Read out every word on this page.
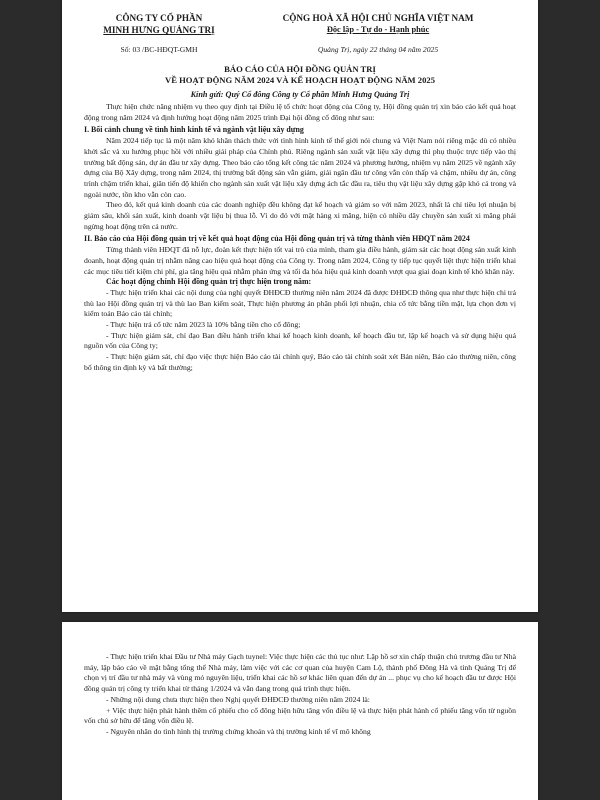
CÔNG TY CỔ PHẦN
MINH HƯNG QUẢNG TRỊ
Số: 03 /BC-HĐQT-GMH
CỘNG HOÀ XÃ HỘI CHỦ NGHĨA VIỆT NAM
Độc lập - Tự do - Hạnh phúc
Quảng Trị, ngày 22 tháng 04 năm 2025
BÁO CÁO CỦA HỘI ĐỒNG QUẢN TRỊ
VỀ HOẠT ĐỘNG NĂM 2024 VÀ KẾ HOẠCH HOẠT ĐỘNG NĂM 2025
Kính gửi: Quý Cổ đông Công ty Cổ phần Minh Hưng Quảng Trị

Thực hiện chức năng nhiệm vụ theo quy định tại Điều lệ tổ chức hoạt động của Công ty, Hội đồng quản trị xin báo cáo kết quả hoạt động trong năm 2024 và định hướng hoạt động năm 2025 trình Đại hội đồng cổ đông như sau:

I. Bối cảnh chung về tình hình kinh tế và ngành vật liệu xây dựng

Năm 2024 tiếp tục là một năm khó khăn thách thức với tình hình kinh tế thế giới nói chung và Việt Nam nói riêng mặc dù có nhiều khởi sắc và xu hướng phục hồi với nhiều giải pháp của Chính phủ. Riêng ngành sản xuất vật liệu xây dựng thì phụ thuộc trực tiếp vào thị trường bất động sản, dự án đầu tư xây dựng. Theo báo cáo tổng kết công tác năm 2024 và phương hướng, nhiệm vụ năm 2025 về ngành xây dựng của Bộ Xây dựng, trong năm 2024, thị trường bất động sản vẫn giảm, giải ngân đầu tư công vẫn còn thấp và chậm, nhiều dự án, công trình chậm triển khai, giãn tiến độ khiến cho ngành sản xuất vật liệu xây dựng ách tắc đầu ra, tiêu thụ vật liệu xây dựng gặp khó cả trong và ngoài nước, tồn kho vẫn còn cao.

Theo đó, kết quả kinh doanh của các doanh nghiệp đều không đạt kế hoạch và giảm so với năm 2023, nhất là chỉ tiêu lợi nhuận bị giảm sâu, khối sản xuất, kinh doanh vật liệu bị thua lỗ. Vì do đó với mặt hàng xi măng, hiện có nhiều dây chuyền sản xuất xi măng phải ngừng hoạt động trên cả nước.

II. Báo cáo của Hội đồng quản trị về kết quả hoạt động của Hội đồng quản trị và từng thành viên HĐQT năm 2024

Từng thành viên HĐQT đã nỗ lực, đoàn kết thực hiện tốt vai trò của mình, tham gia điều hành, giám sát các hoạt động sản xuất kinh doanh, hoạt động quản trị nhằm nâng cao hiệu quả hoạt động của Công ty. Trong năm 2024, Công ty tiếp tục quyết liệt thực hiện triển khai các mục tiêu tiết kiệm chi phí, gia tăng hiệu quả nhằm phản ứng và tối đa hóa hiệu quả kinh doanh vượt qua giai đoạn kinh tế khó khăn này.

Các hoạt động chính Hội đồng quản trị thực hiện trong năm:

- Thực hiện triển khai các nội dung của nghị quyết ĐHĐCĐ thường niên năm 2024 đã được ĐHĐCĐ thông qua như thực hiện chi trả thù lao Hội đồng quản trị và thù lao Ban kiểm soát, Thực hiện phương án phân phối lợi nhuận, chia cổ tức bằng tiền mặt, lựa chọn đơn vị kiểm toán Báo cáo tài chính;

- Thực hiện trả cổ tức năm 2023 là 10% bằng tiền cho cổ đông;

- Thực hiện giám sát, chỉ đạo Ban điều hành triển khai kế hoạch kinh doanh, kế hoạch đầu tư, lập kế hoạch và sử dụng hiệu quả nguồn vốn của Công ty;

- Thực hiện giám sát, chỉ đạo việc thực hiện Báo cáo tài chính quý, Báo cáo tài chính soát xét Bán niên, Báo cáo thường niên, công bố thông tin định kỳ và bất thường;

- Thực hiện triển khai Đầu tư Nhà máy Gạch tuynel: Việc thực hiện các thủ tục như: Lập hồ sơ xin chấp thuận chủ trương đầu tư Nhà máy, lập báo cáo về mặt bằng tổng thể Nhà máy, làm việc với các cơ quan của huyện Cam Lộ, thành phố Đông Hà và tỉnh Quảng Trị để chọn vị trí đầu tư nhà máy và vùng mỏ nguyên liệu, triển khai các hồ sơ khác liên quan đến dự án ... phục vụ cho kế hoạch đầu tư được Hội đồng quản trị công ty triển khai từ tháng 1/2024 và vẫn đang trong quá trình thực hiện.

- Những nội dung chưa thực hiện theo Nghị quyết ĐHĐCĐ thường niên năm 2024 là:

+ Việc thực hiện phát hành thêm cổ phiếu cho cổ đông hiện hữu tăng vốn điều lệ và thực hiện phát hành cổ phiếu tăng vốn từ nguồn vốn chủ sở hữu để tăng vốn điều lệ.

- Nguyên nhân do tình hình thị trường chứng khoán và thị trường kinh tế vĩ mô không
